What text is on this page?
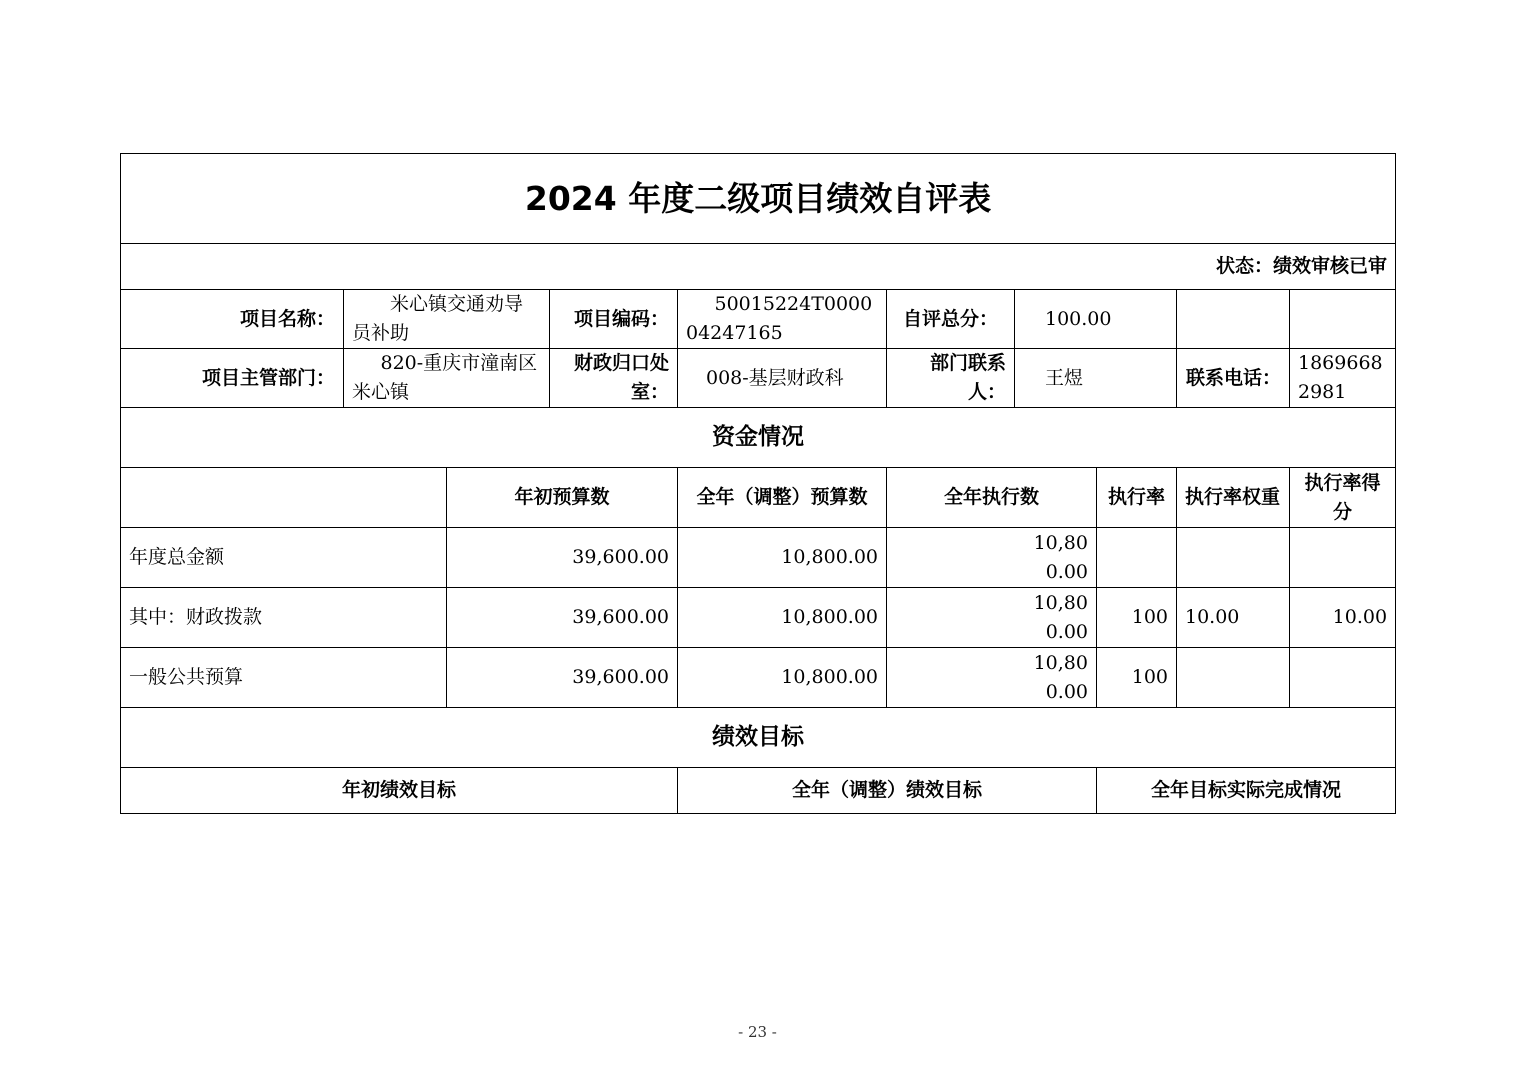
2024 年度二级项目绩效自评表									
状态：绩效审核已审									
项目名称：	米心镇交通劝导员补助		项目编码：	50015224T000004247165	自评总分：	100.00			
项目主管部门：	820-重庆市潼南区米心镇		财政归口处室：	008-基层财政科	部门联系人：	王煜		联系电话：	18696682981
资金情况									
		年初预算数		全年（调整）预算数	全年执行数		执行率	执行率权重	执行率得分
年度总金额		39,600.00		10,800.00	10,800.00				
其中：财政拨款		39,600.00		10,800.00	10,800.00		100	10.00	10.00
一般公共预算		39,600.00		10,800.00	10,800.00		100		
绩效目标									
年初绩效目标				全年（调整）绩效目标			全年目标实际完成情况		
- 23 -
